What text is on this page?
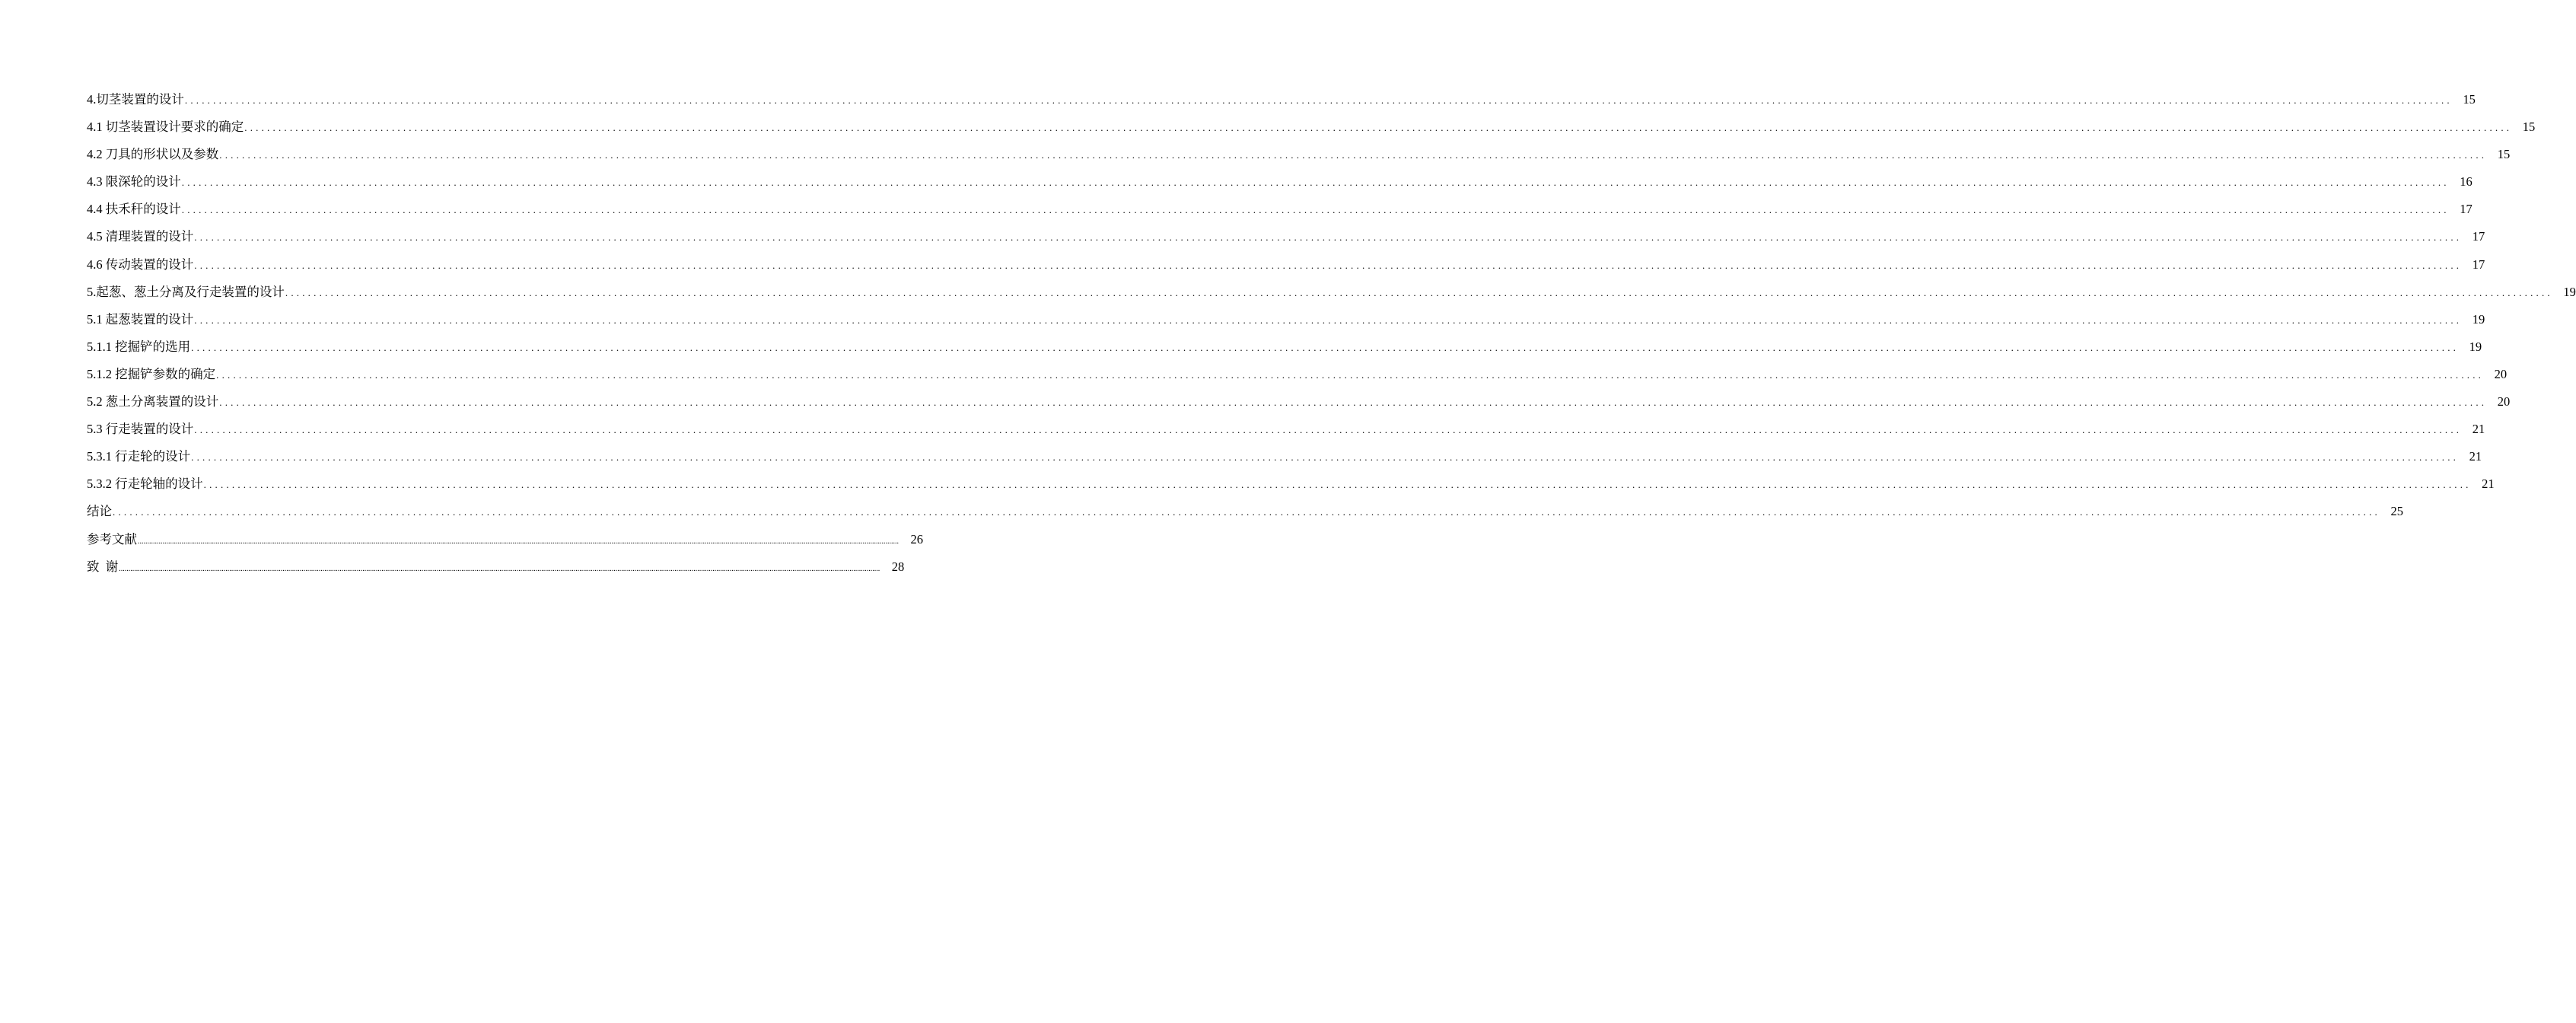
4.切茎装置的设计 ................................................................................................................................................................................................................................................................................................................................................................................................................ 15
4.1 切茎装置设计要求的确定 ................................................................................................................................................................................................................................................................................................................................................................................................................ 15
4.2 刀具的形状以及参数 ................................................................................................................................................................................................................................................................................................................................................................................................................ 15
4.3 限深轮的设计 ................................................................................................................................................................................................................................................................................................................................................................................................................ 16
4.4 扶禾秆的设计 ................................................................................................................................................................................................................................................................................................................................................................................................................ 17
4.5 清理装置的设计 ................................................................................................................................................................................................................................................................................................................................................................................................................ 17
4.6 传动装置的设计 ................................................................................................................................................................................................................................................................................................................................................................................................................ 17
5.起葱、葱土分离及行走装置的设计 ................................................................................................................................................................................................................................................................................................................................................................................................................ 19
5.1 起葱装置的设计 ................................................................................................................................................................................................................................................................................................................................................................................................................ 19
5.1.1 挖掘铲的选用 ................................................................................................................................................................................................................................................................................................................................................................................................................ 19
5.1.2 挖掘铲参数的确定 ................................................................................................................................................................................................................................................................................................................................................................................................................ 20
5.2 葱土分离装置的设计 ................................................................................................................................................................................................................................................................................................................................................................................................................ 20
5.3 行走装置的设计 ................................................................................................................................................................................................................................................................................................................................................................................................................ 21
5.3.1 行走轮的设计 ................................................................................................................................................................................................................................................................................................................................................................................................................ 21
5.3.2 行走轮轴的设计 ................................................................................................................................................................................................................................................................................................................................................................................................................ 21
结论 ................................................................................................................................................................................................................................................................................................................................................................................................................ 25
参考文献 ................................................................................................................................................................................................................................................................................................................................................................................................................ 26
致  谢 ................................................................................................................................................................................................................................................................................................................................................................................................................ 28
